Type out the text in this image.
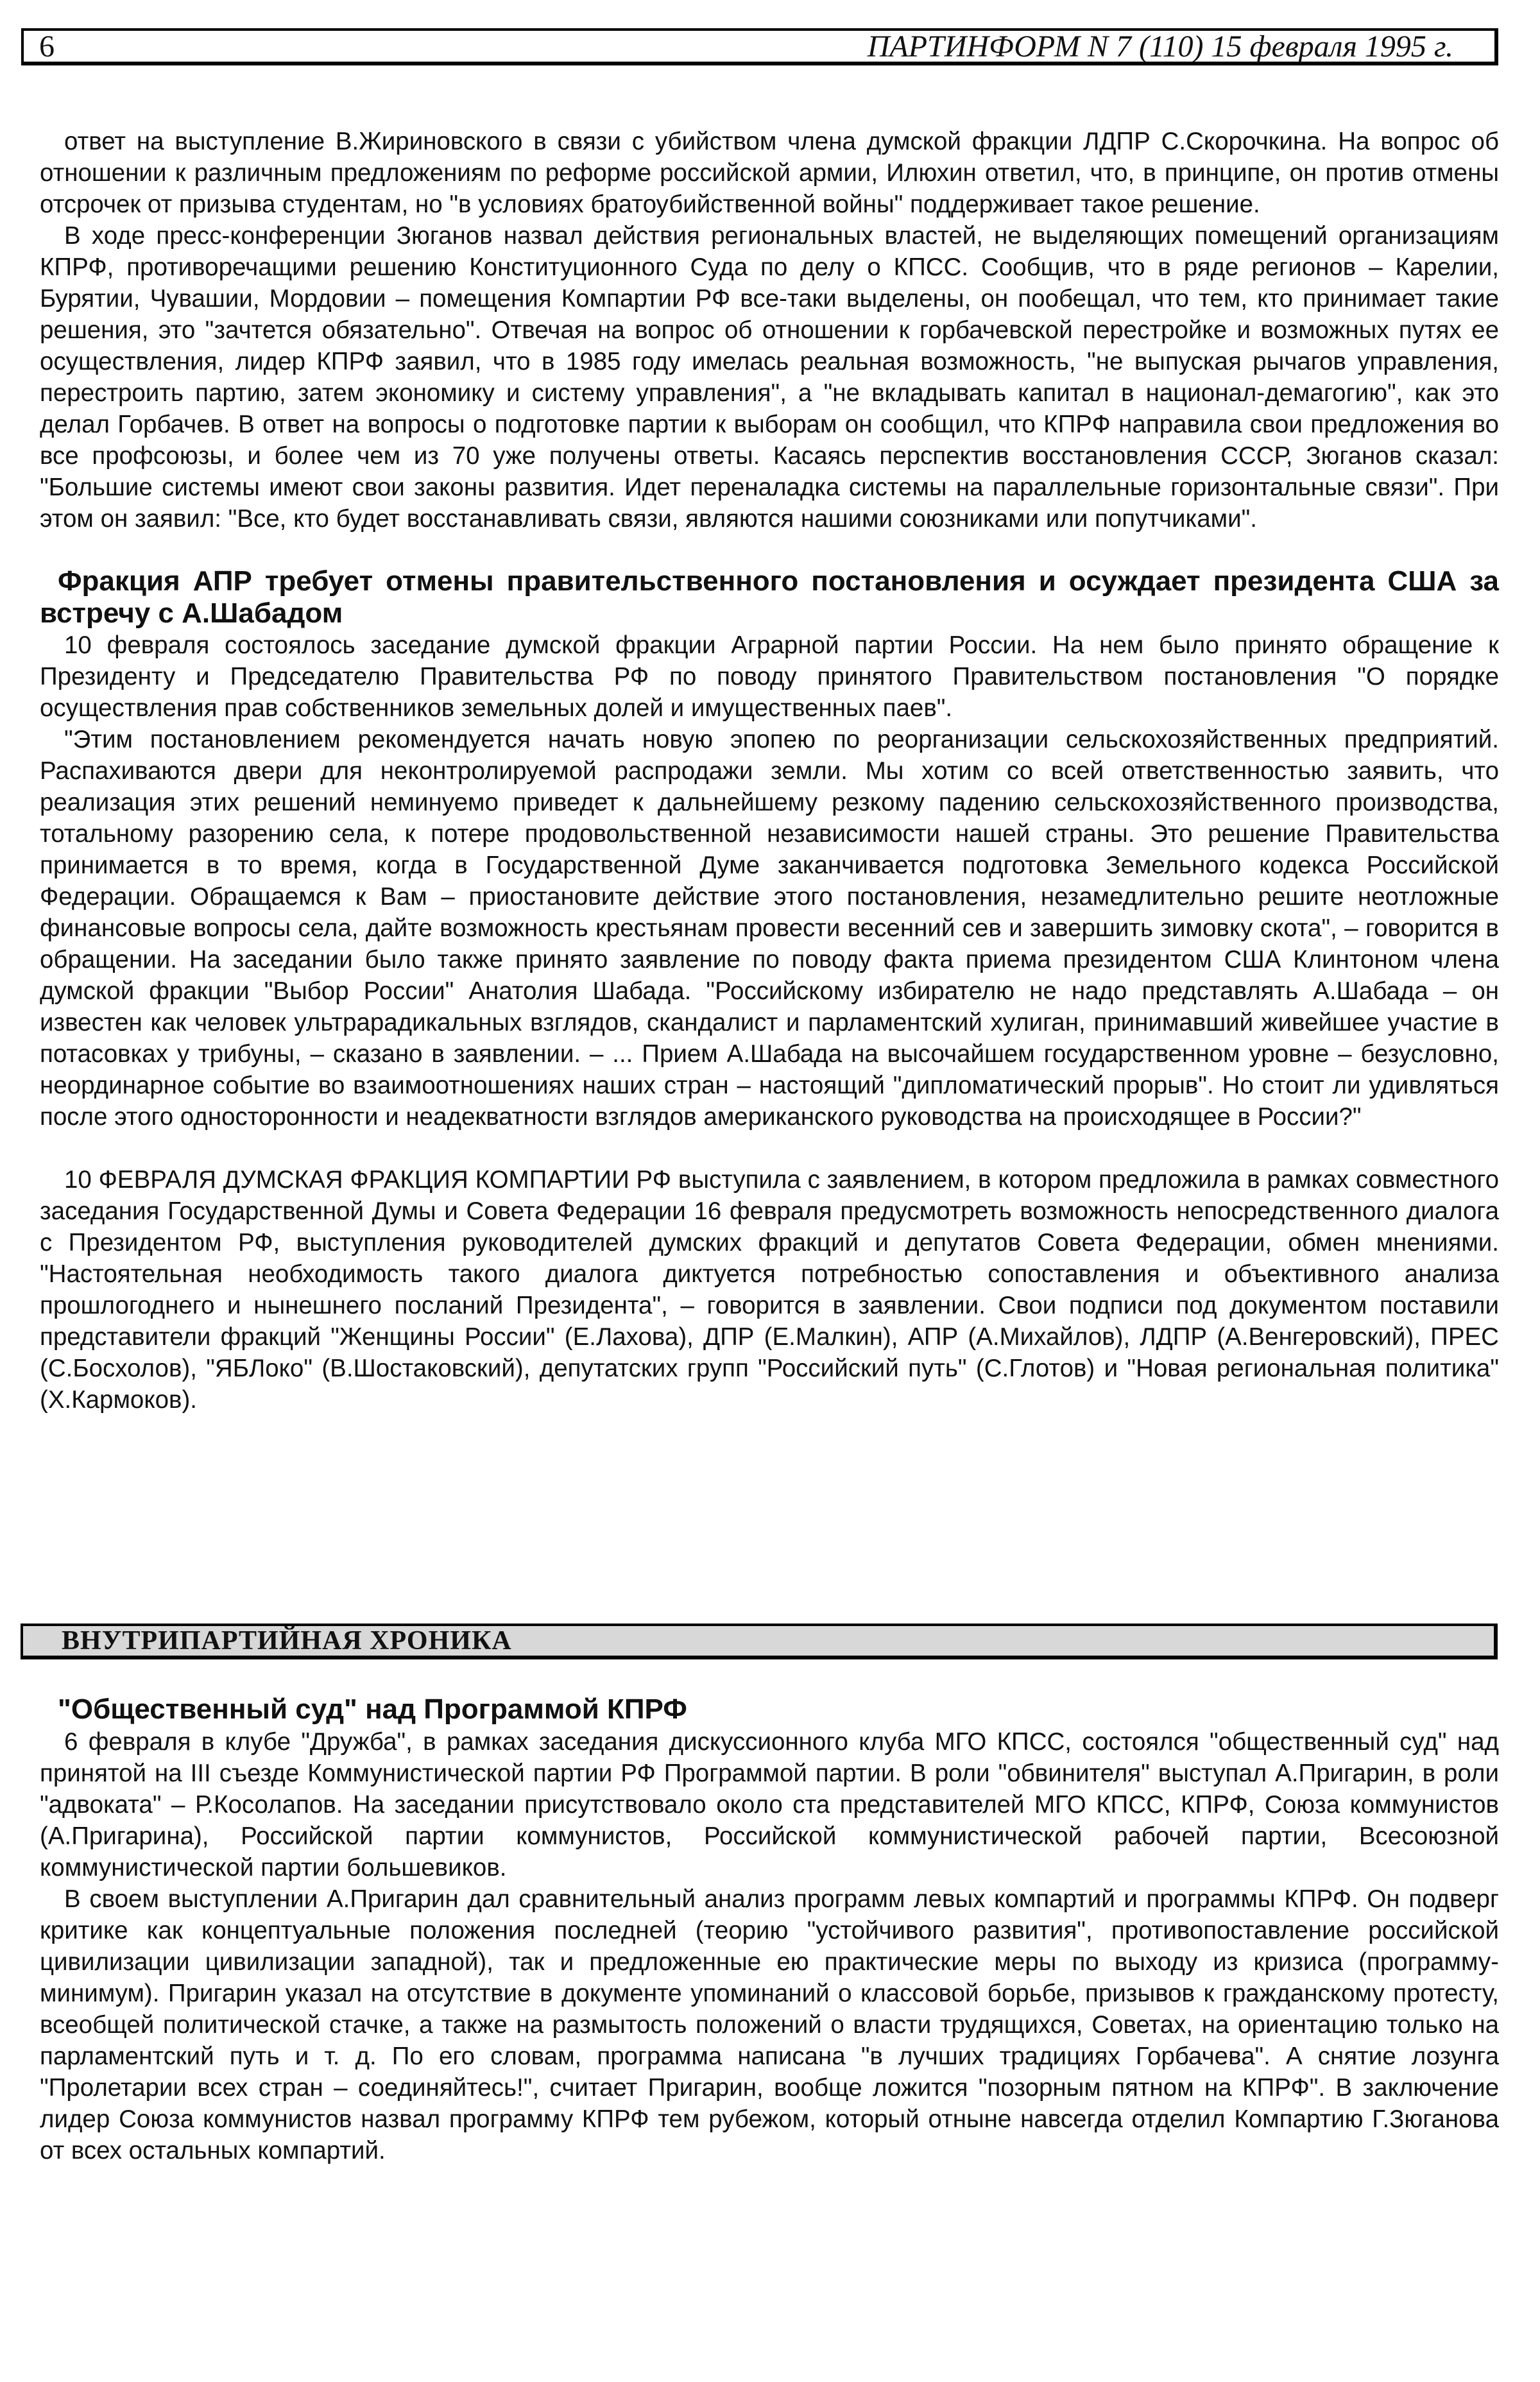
6	ПАРТИНФОРМ N 7 (110) 15 февраля 1995 г.

ответ на выступление В.Жириновского в связи с убийством члена думской фракции ЛДПР С.Скорочкина. На вопрос об отношении к различным предложениям по реформе российской армии, Илюхин ответил, что, в принципе, он против отмены отсрочек от призыва студентам, но "в условиях братоубийственной войны" поддерживает такое решение.

В ходе пресс-конференции Зюганов назвал действия региональных властей, не выделяющих помещений организациям КПРФ, противоречащими решению Конституционного Суда по делу о КПСС. Сообщив, что в ряде регионов – Карелии, Бурятии, Чувашии, Мордовии – помещения Компартии РФ все-таки выделены, он пообещал, что тем, кто принимает такие решения, это "зачтется обязательно". Отвечая на вопрос об отношении к горбачевской перестройке и возможных путях ее осуществления, лидер КПРФ заявил, что в 1985 году имелась реальная возможность, "не выпуская рычагов управления, перестроить партию, затем экономику и систему управления", а "не вкладывать капитал в национал-демагогию", как это делал Горбачев. В ответ на вопросы о подготовке партии к выборам он сообщил, что КПРФ направила свои предложения во все профсоюзы, и более чем из 70 уже получены ответы. Касаясь перспектив восстановления СССР, Зюганов сказал: "Большие системы имеют свои законы развития. Идет переналадка системы на параллельные горизонтальные связи". При этом он заявил: "Все, кто будет восстанавливать связи, являются нашими союзниками или попутчиками".

Фракция АПР требует отмены правительственного постановления и осуждает президента США за встречу с А.Шабадом

10 февраля состоялось заседание думской фракции Аграрной партии России. На нем было принято обращение к Президенту и Председателю Правительства РФ по поводу принятого Правительством постановления "О порядке осуществления прав собственников земельных долей и имущественных паев".

"Этим постановлением рекомендуется начать новую эпопею по реорганизации сельскохозяйственных предприятий. Распахиваются двери для неконтролируемой распродажи земли. Мы хотим со всей ответственностью заявить, что реализация этих решений неминуемо приведет к дальнейшему резкому падению сельскохозяйственного производства, тотальному разорению села, к потере продовольственной независимости нашей страны. Это решение Правительства принимается в то время, когда в Государственной Думе заканчивается подготовка Земельного кодекса Российской Федерации. Обращаемся к Вам – приостановите действие этого постановления, незамедлительно решите неотложные финансовые вопросы села, дайте возможность крестьянам провести весенний сев и завершить зимовку скота", – говорится в обращении. На заседании было также принято заявление по поводу факта приема президентом США Клинтоном члена думской фракции "Выбор России" Анатолия Шабада. "Российскому избирателю не надо представлять А.Шабада – он известен как человек ультрарадикальных взглядов, скандалист и парламентский хулиган, принимавший живейшее участие в потасовках у трибуны, – сказано в заявлении. – ... Прием А.Шабада на высочайшем государственном уровне – безусловно, неординарное событие во взаимоотношениях наших стран – настоящий "дипломатический прорыв". Но стоит ли удивляться после этого односторонности и неадекватности взглядов американского руководства на происходящее в России?"

10 ФЕВРАЛЯ ДУМСКАЯ ФРАКЦИЯ КОМПАРТИИ РФ выступила с заявлением, в котором предложила в рамках совместного заседания Государственной Думы и Совета Федерации 16 февраля предусмотреть возможность непосредственного диалога с Президентом РФ, выступления руководителей думских фракций и депутатов Совета Федерации, обмен мнениями. "Настоятельная необходимость такого диалога диктуется потребностью сопоставления и объективного анализа прошлогоднего и нынешнего посланий Президента", – говорится в заявлении. Свои подписи под документом поставили представители фракций "Женщины России" (Е.Лахова), ДПР (Е.Малкин), АПР (А.Михайлов), ЛДПР (А.Венгеровский), ПРЕС (С.Босхолов), "ЯБЛоко" (В.Шостаковский), депутатских групп "Российский путь" (С.Глотов) и "Новая региональная политика" (Х.Кармоков).

ВНУТРИПАРТИЙНАЯ ХРОНИКА
"Общественный суд" над Программой КПРФ

6 февраля в клубе "Дружба", в рамках заседания дискуссионного клуба МГО КПСС, состоялся "общественный суд" над принятой на III съезде Коммунистической партии РФ Программой партии. В роли "обвинителя" выступал А.Пригарин, в роли "адвоката" – Р.Косолапов. На заседании присутствовало около ста представителей МГО КПСС, КПРФ, Союза коммунистов (А.Пригарина), Российской партии коммунистов, Российской коммунистической рабочей партии, Всесоюзной коммунистической партии большевиков.

В своем выступлении А.Пригарин дал сравнительный анализ программ левых компартий и программы КПРФ. Он подверг критике как концептуальные положения последней (теорию "устойчивого развития", противопоставление российской цивилизации цивилизации западной), так и предложенные ею практические меры по выходу из кризиса (программу-минимум). Пригарин указал на отсутствие в документе упоминаний о классовой борьбе, призывов к гражданскому протесту, всеобщей политической стачке, а также на размытость положений о власти трудящихся, Советах, на ориентацию только на парламентский путь и т. д. По его словам, программа написана "в лучших традициях Горбачева". А снятие лозунга "Пролетарии всех стран – соединяйтесь!", считает Пригарин, вообще ложится "позорным пятном на КПРФ". В заключение лидер Союза коммунистов назвал программу КПРФ тем рубежом, который отныне навсегда отделил Компартию Г.Зюганова от всех остальных компартий.
